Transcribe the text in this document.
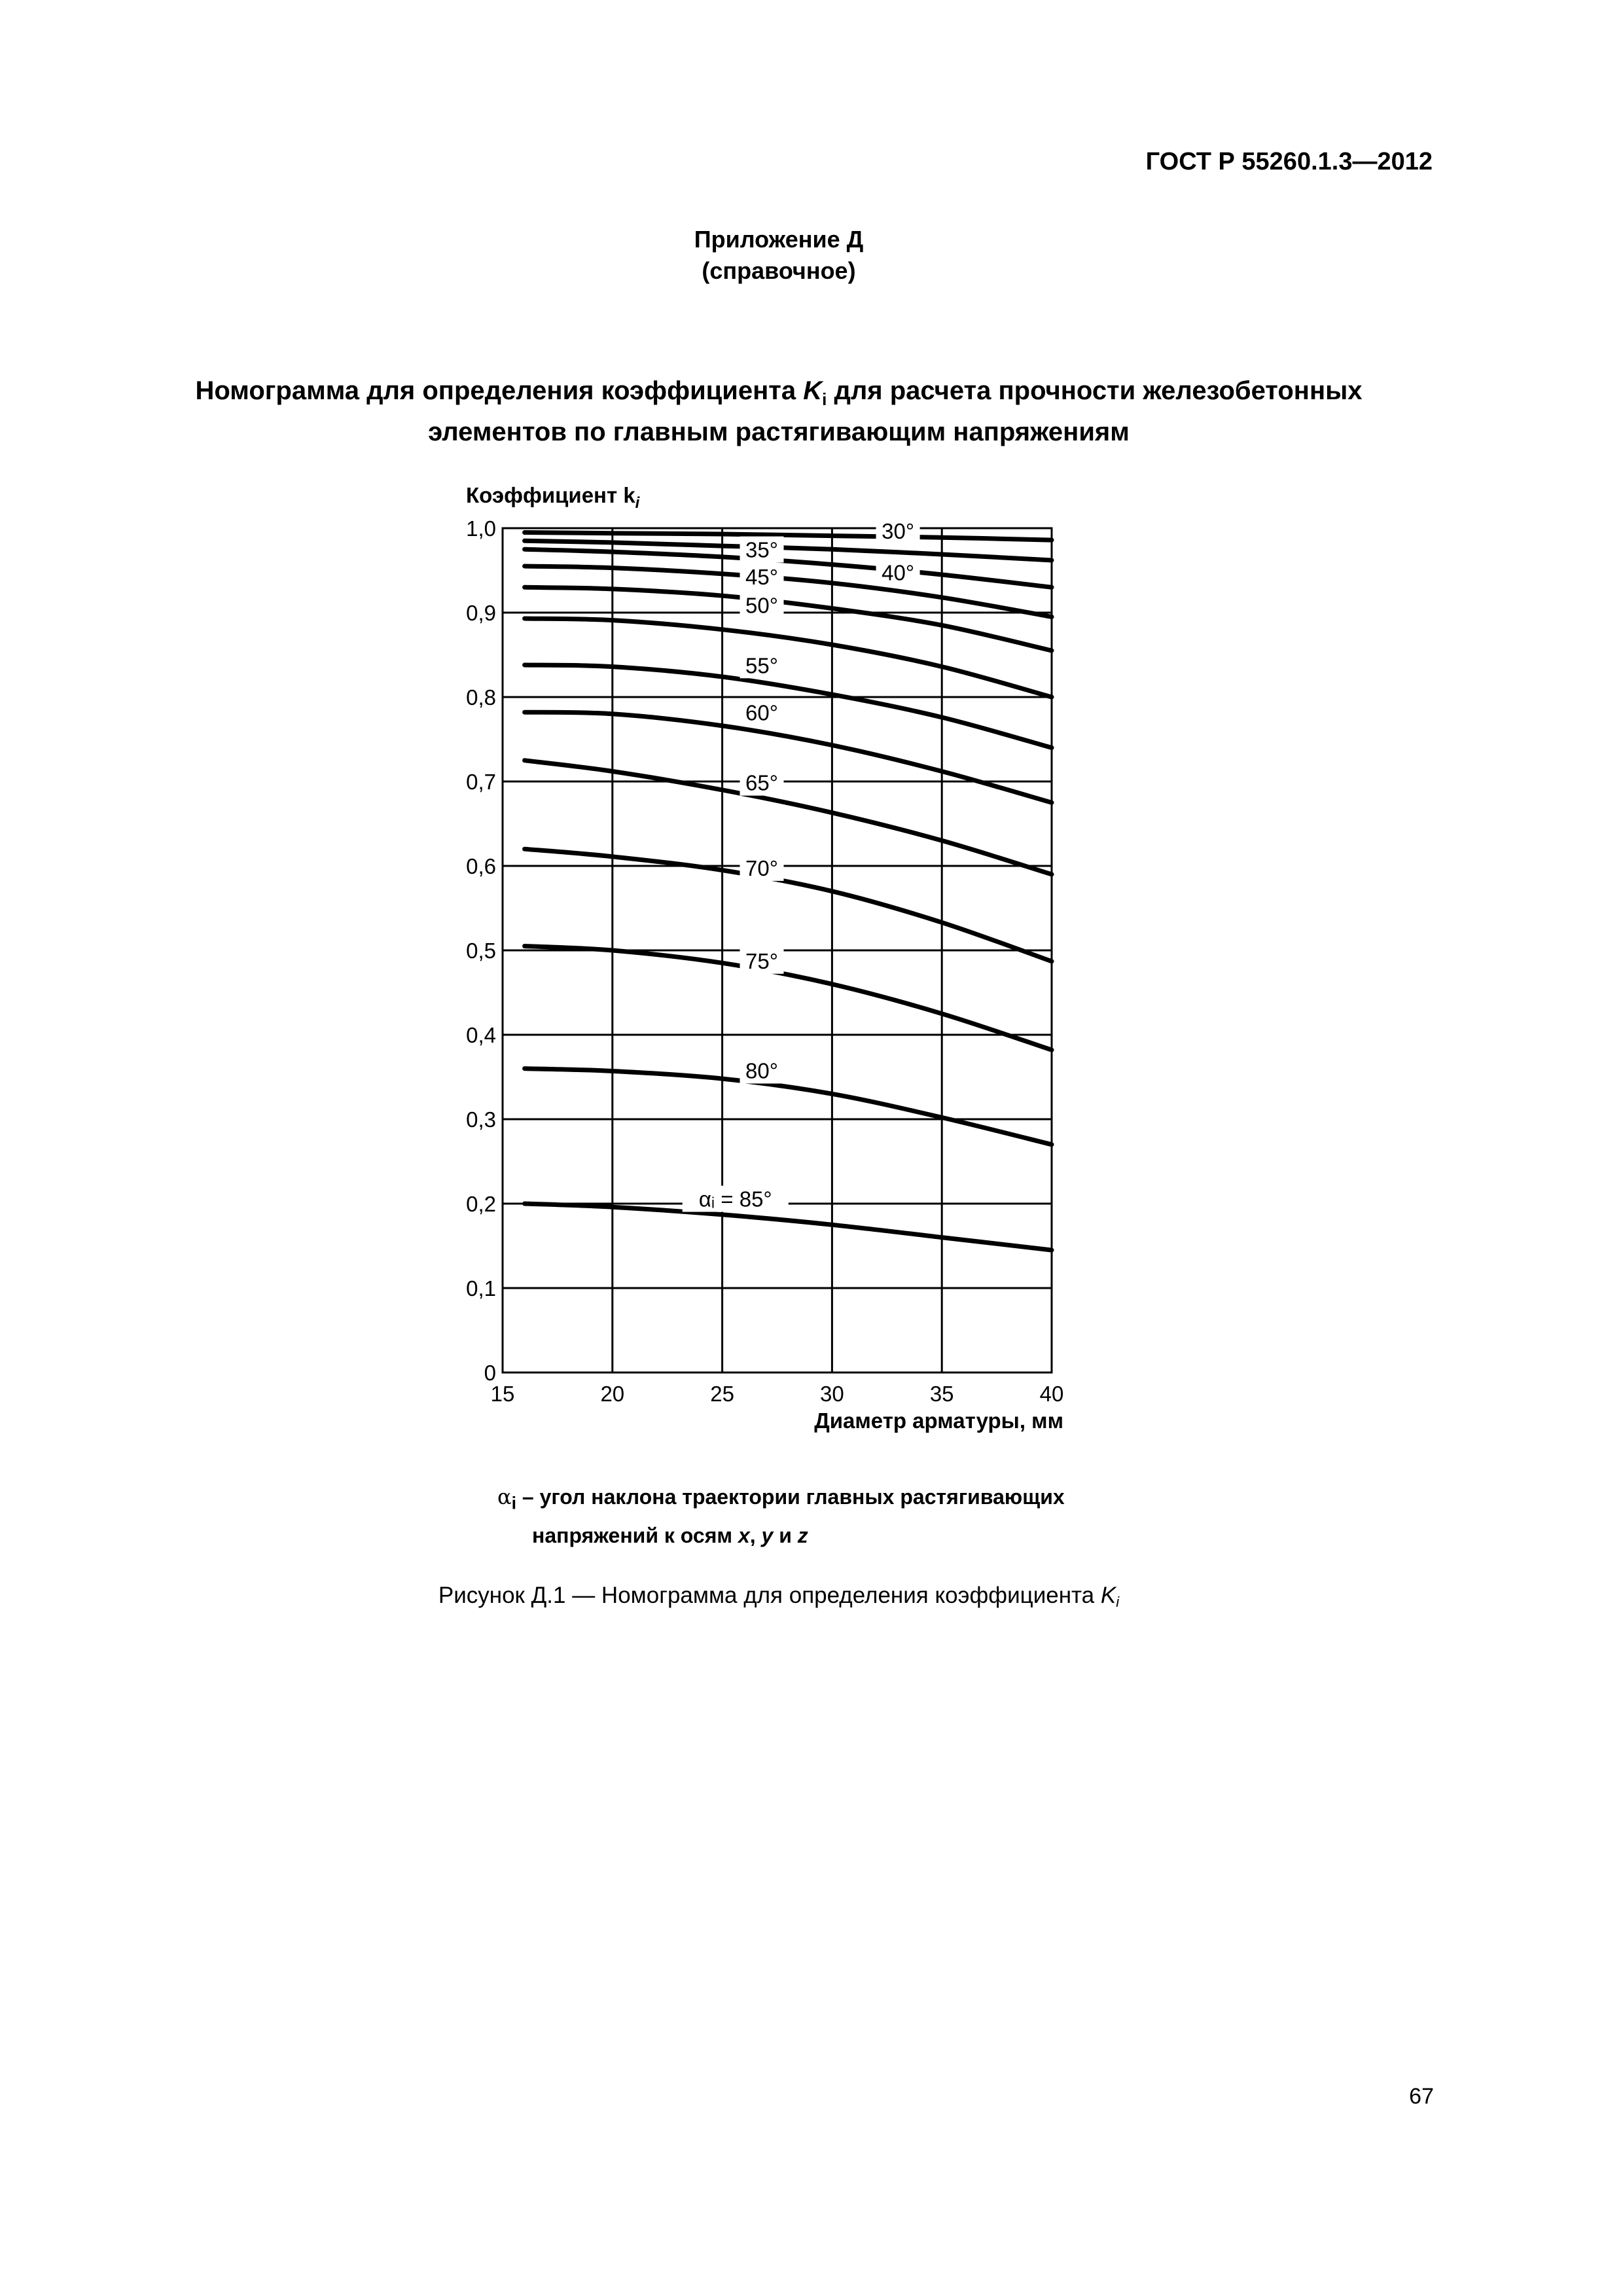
ГОСТ Р 55260.1.3—2012
Приложение Д
(справочное)
Номограмма для определения коэффициента $K_i$ для расчета прочности железобетонных
элементов по главным растягивающим напряжениям
30°
35°
40°
45°
50°
55°
60°
65°
70°
75°
80°
αᵢ = 85°
15	20	25	30	35	40
0
0,1
0,2
0,3
0,4
0,5
0,6
0,7
0,8
0,9
1,0
Коэффициент $k_i$
Диаметр арматуры, мм
$\alpha_i$ – угол наклона траектории главных растягивающих
напряжений к осям x, y и z
Рисунок Д.1 — Номограмма для определения коэффициента $K_i$
67
